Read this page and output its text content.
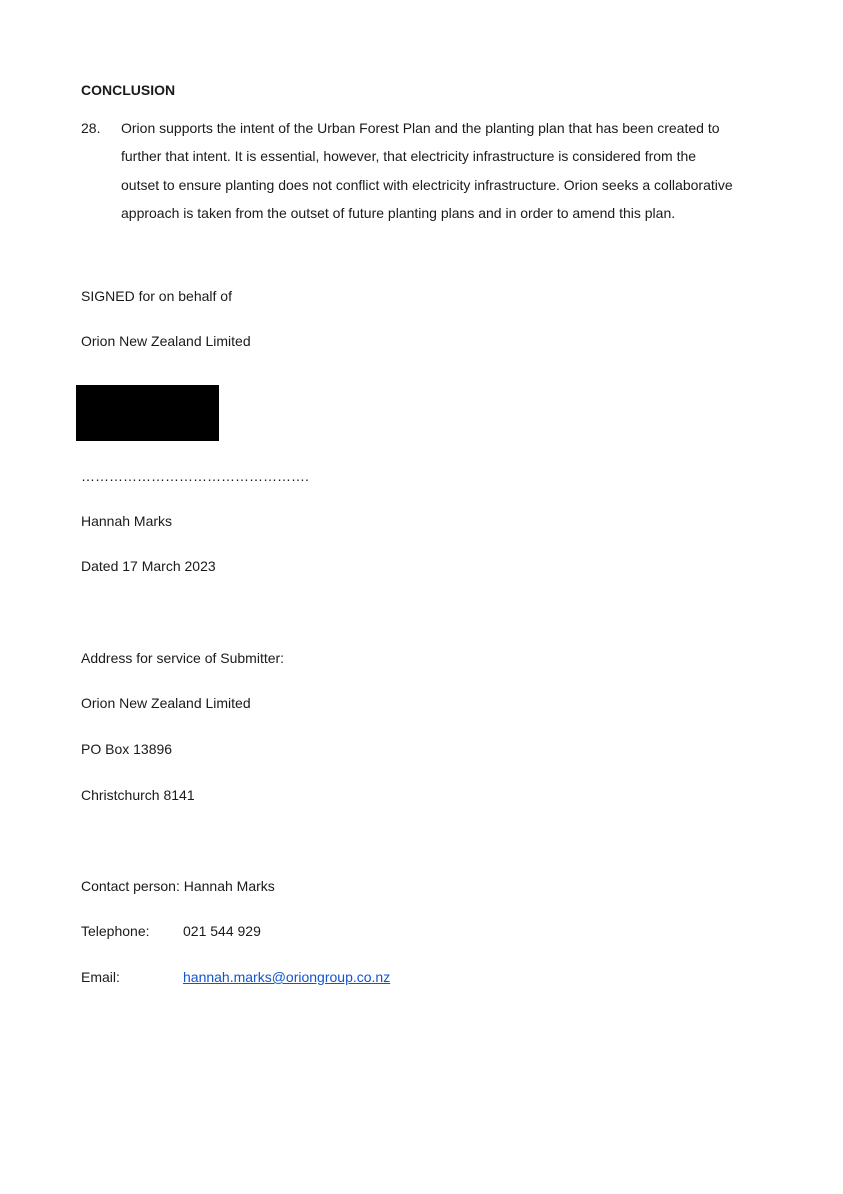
CONCLUSION
28. Orion supports the intent of the Urban Forest Plan and the planting plan that has been created to
further that intent. It is essential, however, that electricity infrastructure is considered from the
outset to ensure planting does not conflict with electricity infrastructure. Orion seeks a collaborative
approach is taken from the outset of future planting plans and in order to amend this plan.
SIGNED for on behalf of
Orion New Zealand Limited
………………………………………….
Hannah Marks
Dated 17 March 2023
Address for service of Submitter:
Orion New Zealand Limited
PO Box 13896
Christchurch 8141
Contact person: Hannah Marks
Telephone: 021 544 929
Email:	hannah.marks@oriongroup.co.nz
